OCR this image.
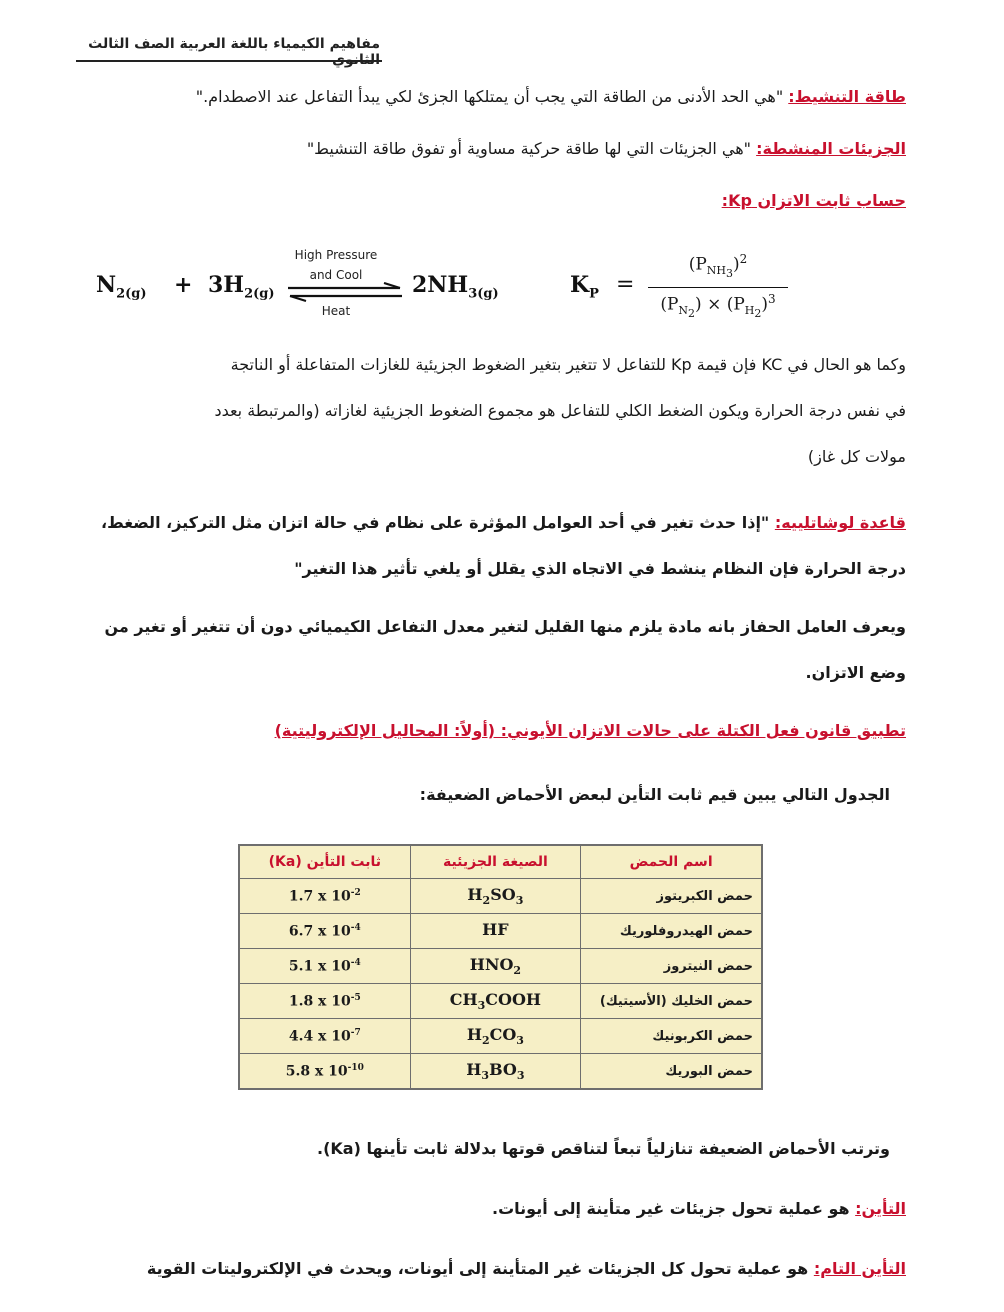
مفاهيم الكيمياء باللغة العربية الصف الثالث الثانوي
طاقة التنشيط: "هي الحد الأدنى من الطاقة التي يجب أن يمتلكها الجزئ لكي يبدأ التفاعل عند الاصطدام."
الجزيئات المنشطة: "هي الجزيئات التي لها طاقة حركية مساوية أو تفوق طاقة التنشيط"
حساب ثابت الاتزان Kp:
$N_{2(g)} + 3H_{2(g)}$
High Pressure
and Cool
Heat
$2NH_{3(g)}$	$K_P$ =
$(P_{NH_3})^2$
$(P_{N_2}) \times (P_{H_2})^3$
وكما هو الحال في KC فإن قيمة Kp للتفاعل لا تتغير بتغير الضغوط الجزيئية للغازات المتفاعلة أو الناتجة
في نفس درجة الحرارة ويكون الضغط الكلي للتفاعل هو مجموع الضغوط الجزيئية لغازاته (والمرتبطة بعدد
مولات كل غاز)
قاعدة لوشاتلييه: "إذا حدث تغير في أحد العوامل المؤثرة على نظام في حالة اتزان مثل التركيز، الضغط،
درجة الحرارة فإن النظام ينشط في الاتجاه الذي يقلل أو يلغي تأثير هذا التغير"
ويعرف العامل الحفاز بانه مادة يلزم منها القليل لتغير معدل التفاعل الكيميائي دون أن تتغير أو تغير من
وضع الاتزان.
تطبيق قانون فعل الكتلة على حالات الاتزان الأيوني: (أولاً: المحاليل الإلكتروليتية)
الجدول التالي يبين قيم ثابت التأين لبعض الأحماض الضعيفة:
اسم الحمض	الصيغة الجزيئية	ثابت التأين (Ka)
حمض الكبريتوز	$H_2SO_3$	1.7 x $10^{-2}$
حمض الهيدروفلوريك	HF	6.7 x $10^{-4}$
حمض النيتروز	$HNO_2$	5.1 x $10^{-4}$
حمض الخليك (الأسيتيك)	$CH_3COOH$	1.8 x $10^{-5}$
حمض الكربونيك	$H_2CO_3$	4.4 x $10^{-7}$
حمض البوريك	$H_3BO_3$	5.8 x $10^{-10}$
وترتب الأحماض الضعيفة تنازلياً تبعاً لتناقص قوتها بدلالة ثابت تأينها (Ka).
التأين: هو عملية تحول جزيئات غير متأينة إلى أيونات.
التأين التام: هو عملية تحول كل الجزيئات غير المتأينة إلى أيونات، ويحدث في الإلكتروليتات القوية
